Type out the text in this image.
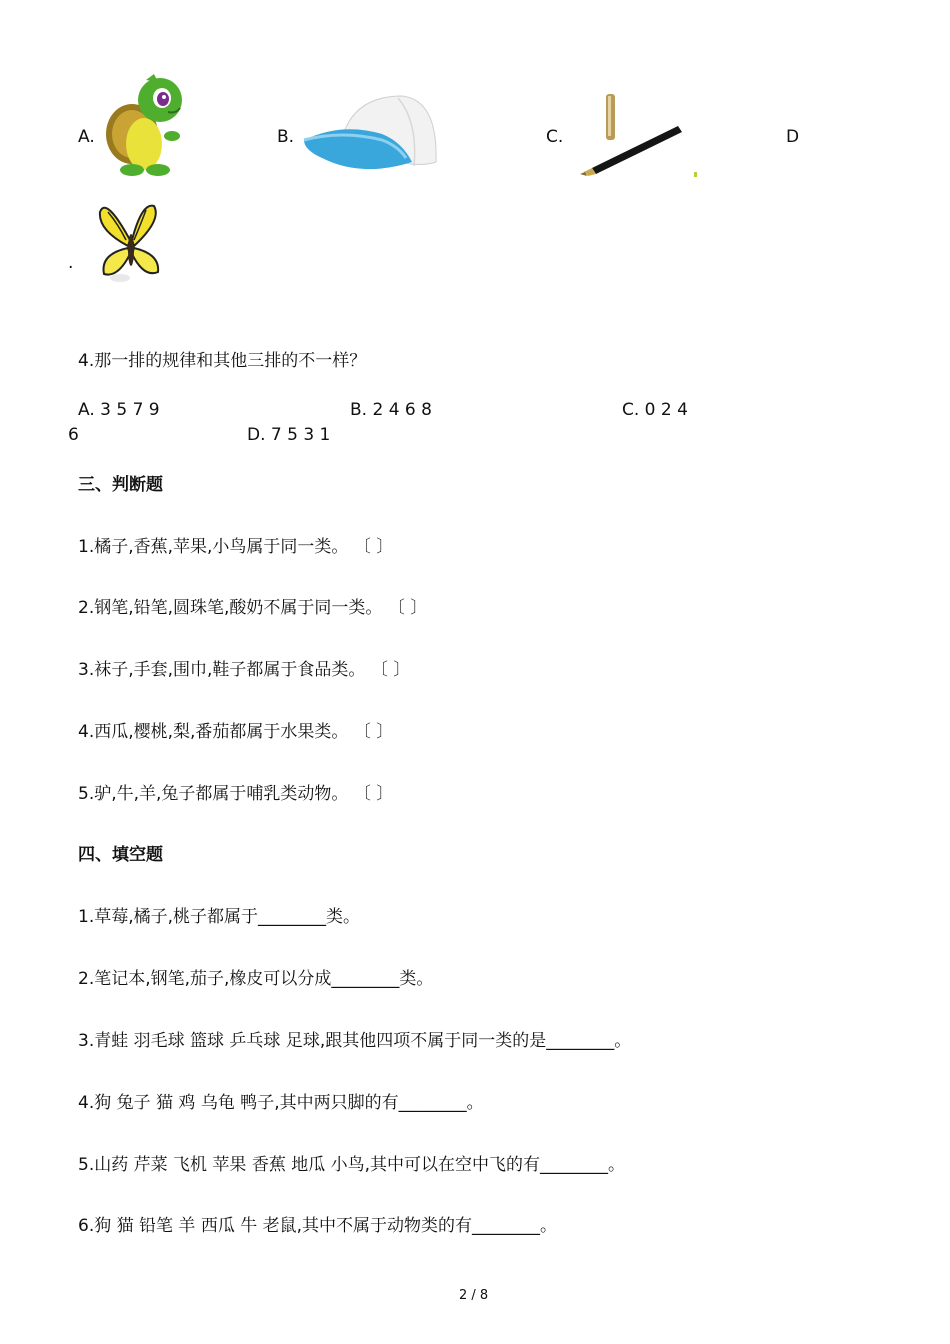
A.	B.	C.	D
.
4.那一排的规律和其他三排的不一样？
A. 3 5 7 9	B. 2 4 6 8	C. 0 2 4
6	D. 7 5 3 1
三、判断题
1.橘子,香蕉,苹果,小鸟属于同一类。 〔 〕
2.钢笔,铅笔,圆珠笔,酸奶不属于同一类。 〔 〕
3.袜子,手套,围巾,鞋子都属于食品类。 〔 〕
4.西瓜,樱桃,梨,番茄都属于水果类。 〔 〕
5.驴,牛,羊,兔子都属于哺乳类动物。 〔 〕
四、填空题
1.草莓,橘子,桃子都属于________类。
2.笔记本,钢笔,茄子,橡皮可以分成________类。
3.青蛙 羽毛球 篮球 乒乓球 足球,跟其他四项不属于同一类的是________。
4.狗 兔子 猫 鸡 乌龟 鸭子,其中两只脚的有________。
5.山药 芹菜 飞机 苹果 香蕉 地瓜 小鸟,其中可以在空中飞的有________。
6.狗 猫 铅笔 羊 西瓜 牛 老鼠,其中不属于动物类的有________。
2 / 8
